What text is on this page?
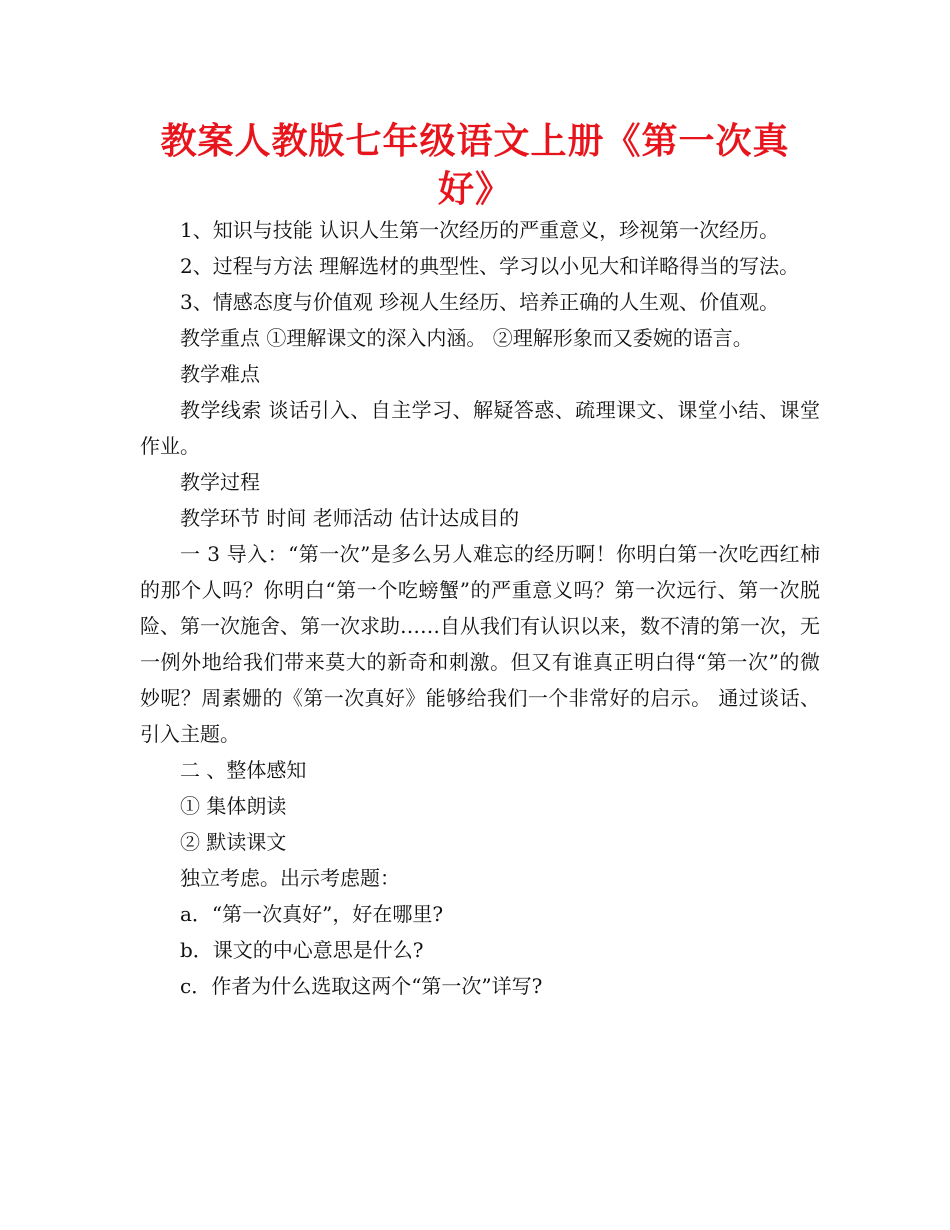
教案人教版七年级语文上册《第一次真好》

1、知识与技能 认识人生第一次经历的严重意义，珍视第一次经历。

2、过程与方法 理解选材的典型性、学习以小见大和详略得当的写法。

3、情感态度与价值观 珍视人生经历、培养正确的人生观、价值观。

教学重点 ①理解课文的深入内涵。 ②理解形象而又委婉的语言。

教学难点

教学线索 谈话引入、自主学习、解疑答惑、疏理课文、课堂小结、课堂作业。

教学过程

教学环节 时间 老师活动 估计达成目的

一 3 导入：“第一次”是多么另人难忘的经历啊！你明白第一次吃西红柿的那个人吗？你明白“第一个吃螃蟹”的严重意义吗？第一次远行、第一次脱险、第一次施舍、第一次求助……自从我们有认识以来，数不清的第一次，无一例外地给我们带来莫大的新奇和刺激。但又有谁真正明白得“第一次”的微妙呢？周素姗的《第一次真好》能够给我们一个非常好的启示。 通过谈话、引入主题。

二 、整体感知

① 集体朗读

② 默读课文

独立考虑。出示考虑题：

a．“第一次真好”，好在哪里?

b．课文的中心意思是什么?

c．作者为什么选取这两个“第一次”详写?
